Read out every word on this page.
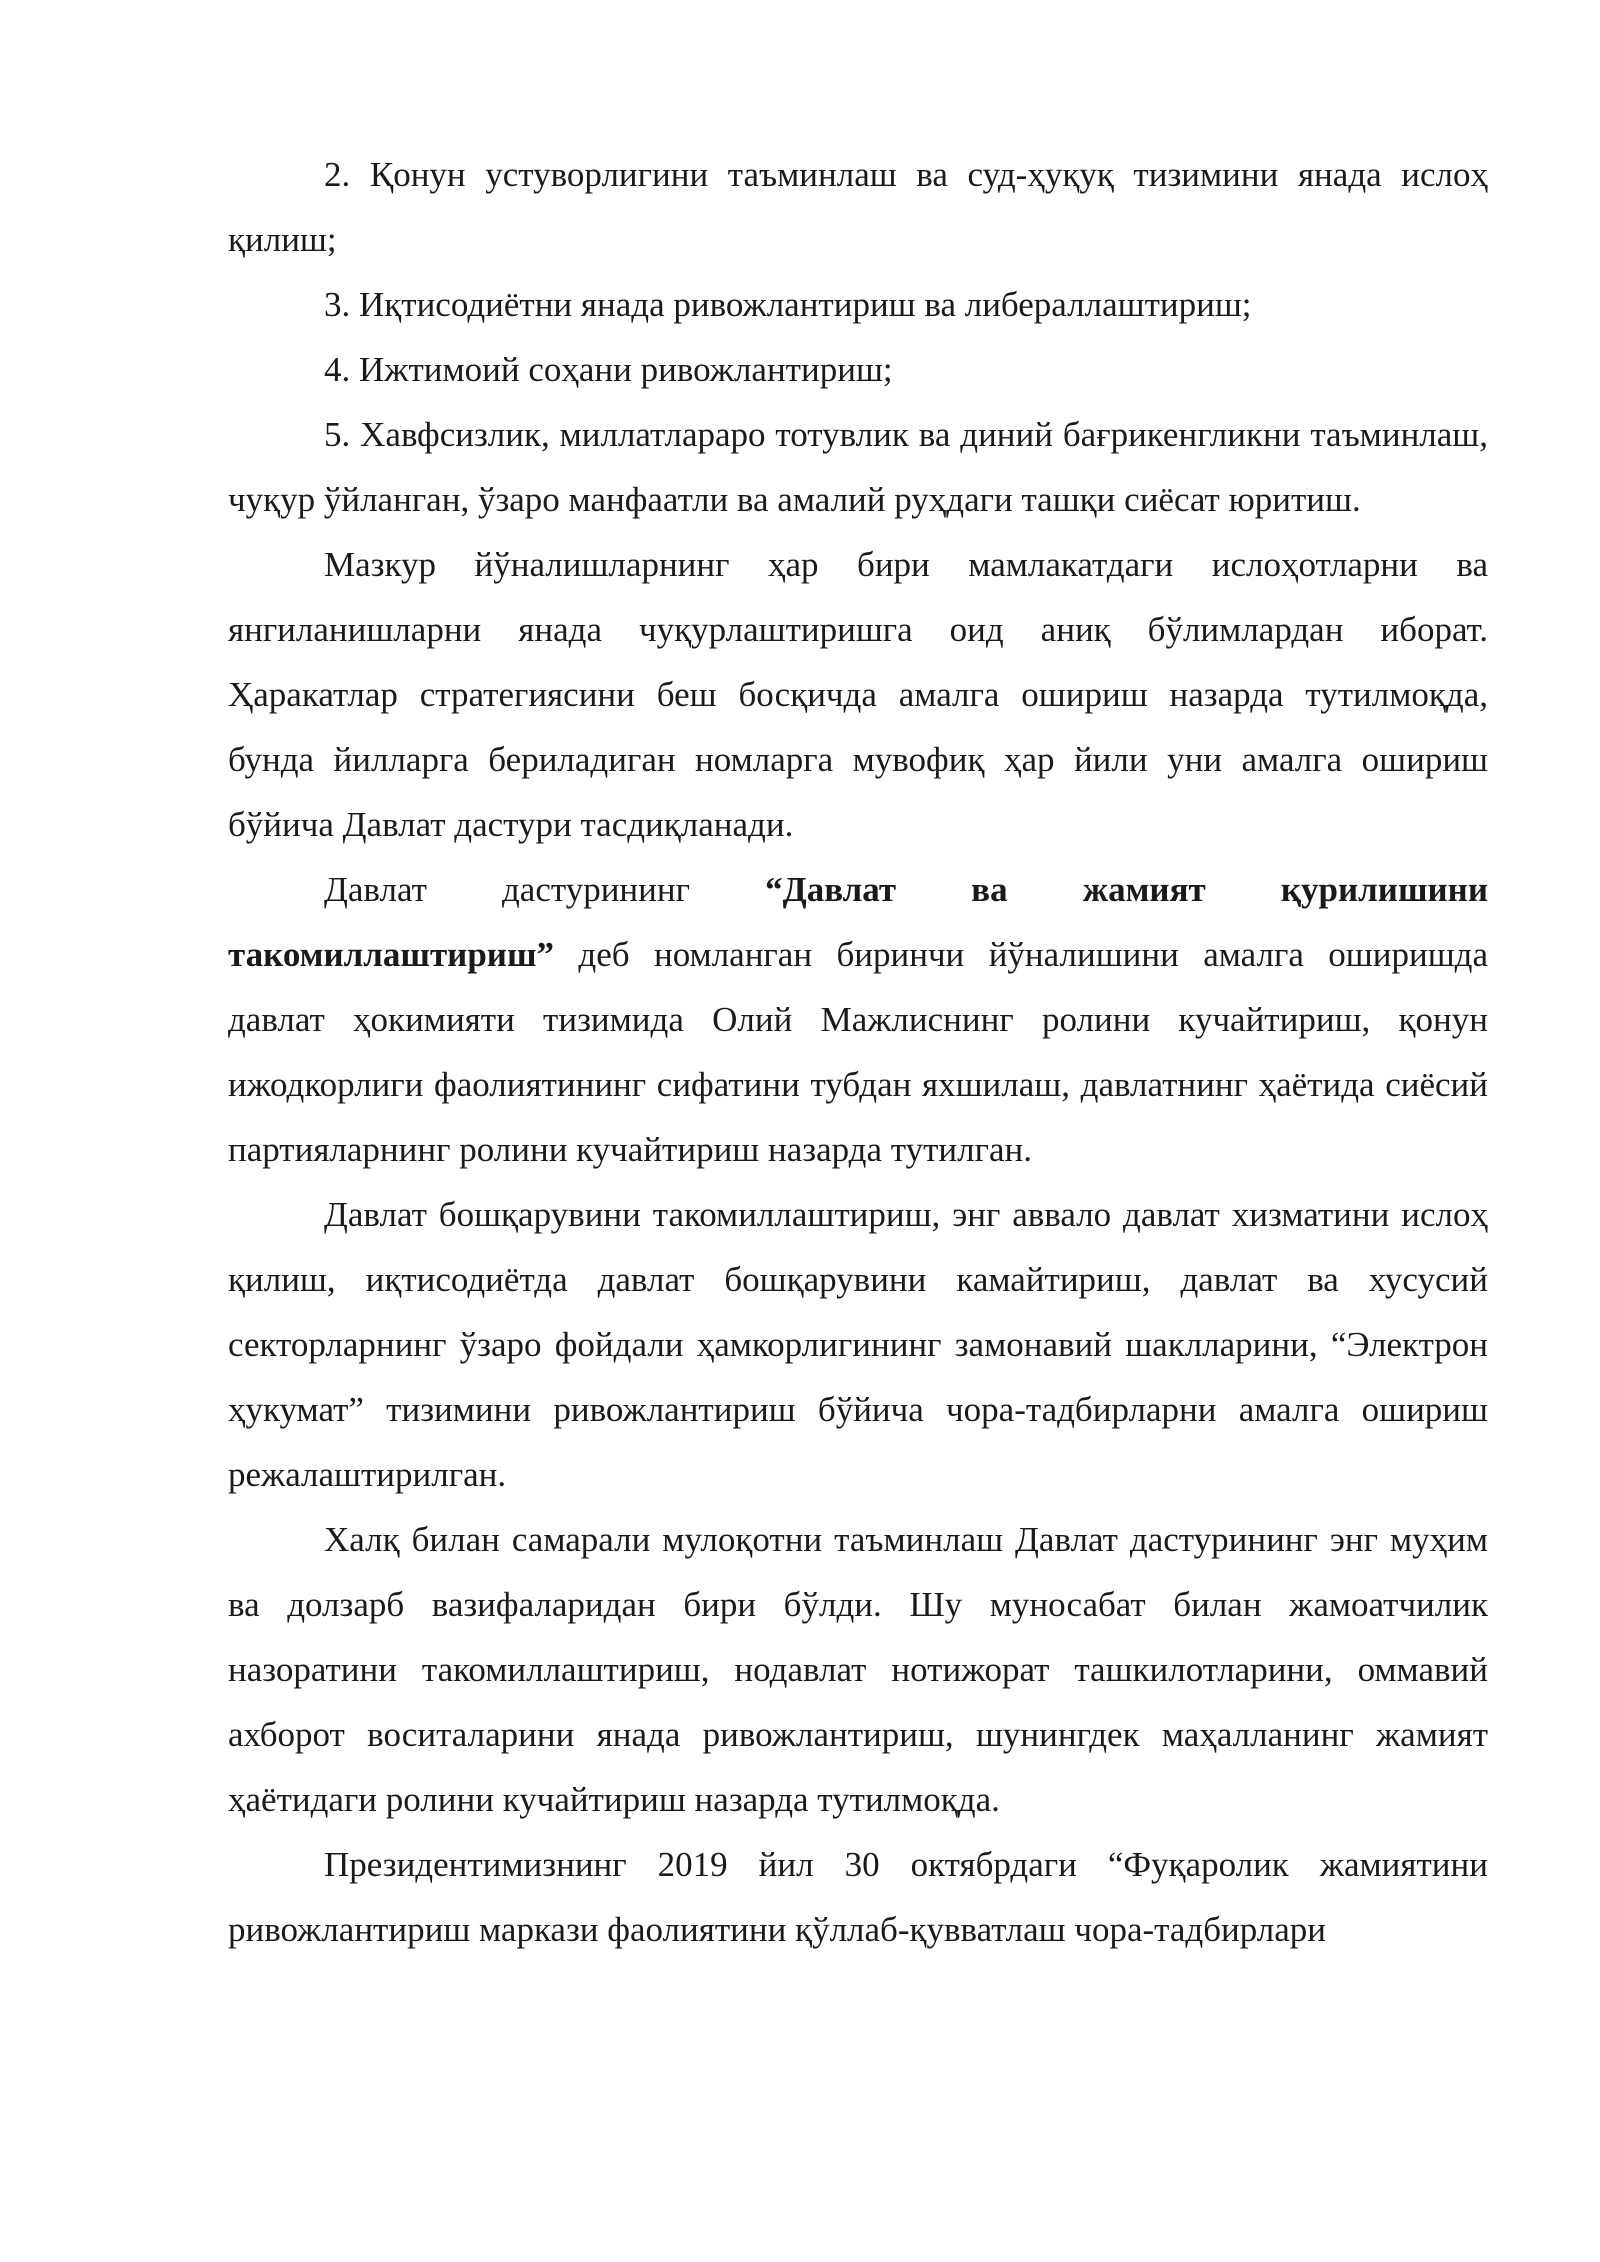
2. Қонун устуворлигини таъминлаш ва суд-ҳуқуқ тизимини янада ислоҳ қилиш;

3. Иқтисодиётни янада ривожлантириш ва либераллаштириш;

4. Ижтимоий соҳани ривожлантириш;

5. Хавфсизлик, миллатлараро тотувлик ва диний бағрикенгликни таъминлаш, чуқур ўйланган, ўзаро манфаатли ва амалий руҳдаги ташқи сиёсат юритиш.

Мазкур йўналишларнинг ҳар бири мамлакатдаги ислоҳотларни ва янгиланишларни янада чуқурлаштиришга оид аниқ бўлимлардан иборат. Ҳаракатлар стратегиясини беш босқичда амалга ошириш назарда тутилмоқда, бунда йилларга бериладиган номларга мувофиқ ҳар йили уни амалга ошириш бўйича Давлат дастури тасдиқланади.

Давлат дастурининг “Давлат ва жамият қурилишини такомиллаштириш” деб номланган биринчи йўналишини амалга оширишда давлат ҳокимияти тизимида Олий Мажлиснинг ролини кучайтириш, қонун ижодкорлиги фаолиятининг сифатини тубдан яхшилаш, давлатнинг ҳаётида сиёсий партияларнинг ролини кучайтириш назарда тутилган.

Давлат бошқарувини такомиллаштириш, энг аввало давлат хизматини ислоҳ қилиш, иқтисодиётда давлат бошқарувини камайтириш, давлат ва хусусий секторларнинг ўзаро фойдали ҳамкорлигининг замонавий шаклларини, “Электрон ҳукумат” тизимини ривожлантириш бўйича чора-тадбирларни амалга ошириш режалаштирилган.

Халқ билан самарали мулоқотни таъминлаш Давлат дастурининг энг муҳим ва долзарб вазифаларидан бири бўлди. Шу муносабат билан жамоатчилик назоратини такомиллаштириш, нодавлат нотижорат ташкилотларини, оммавий ахборот воситаларини янада ривожлантириш, шунингдек маҳалланинг жамият ҳаётидаги ролини кучайтириш назарда тутилмоқда.

Президентимизнинг 2019 йил 30 октябрдаги “Фуқаролик жамиятини ривожлантириш маркази фаолиятини қўллаб-қувватлаш чора-тадбирлари
